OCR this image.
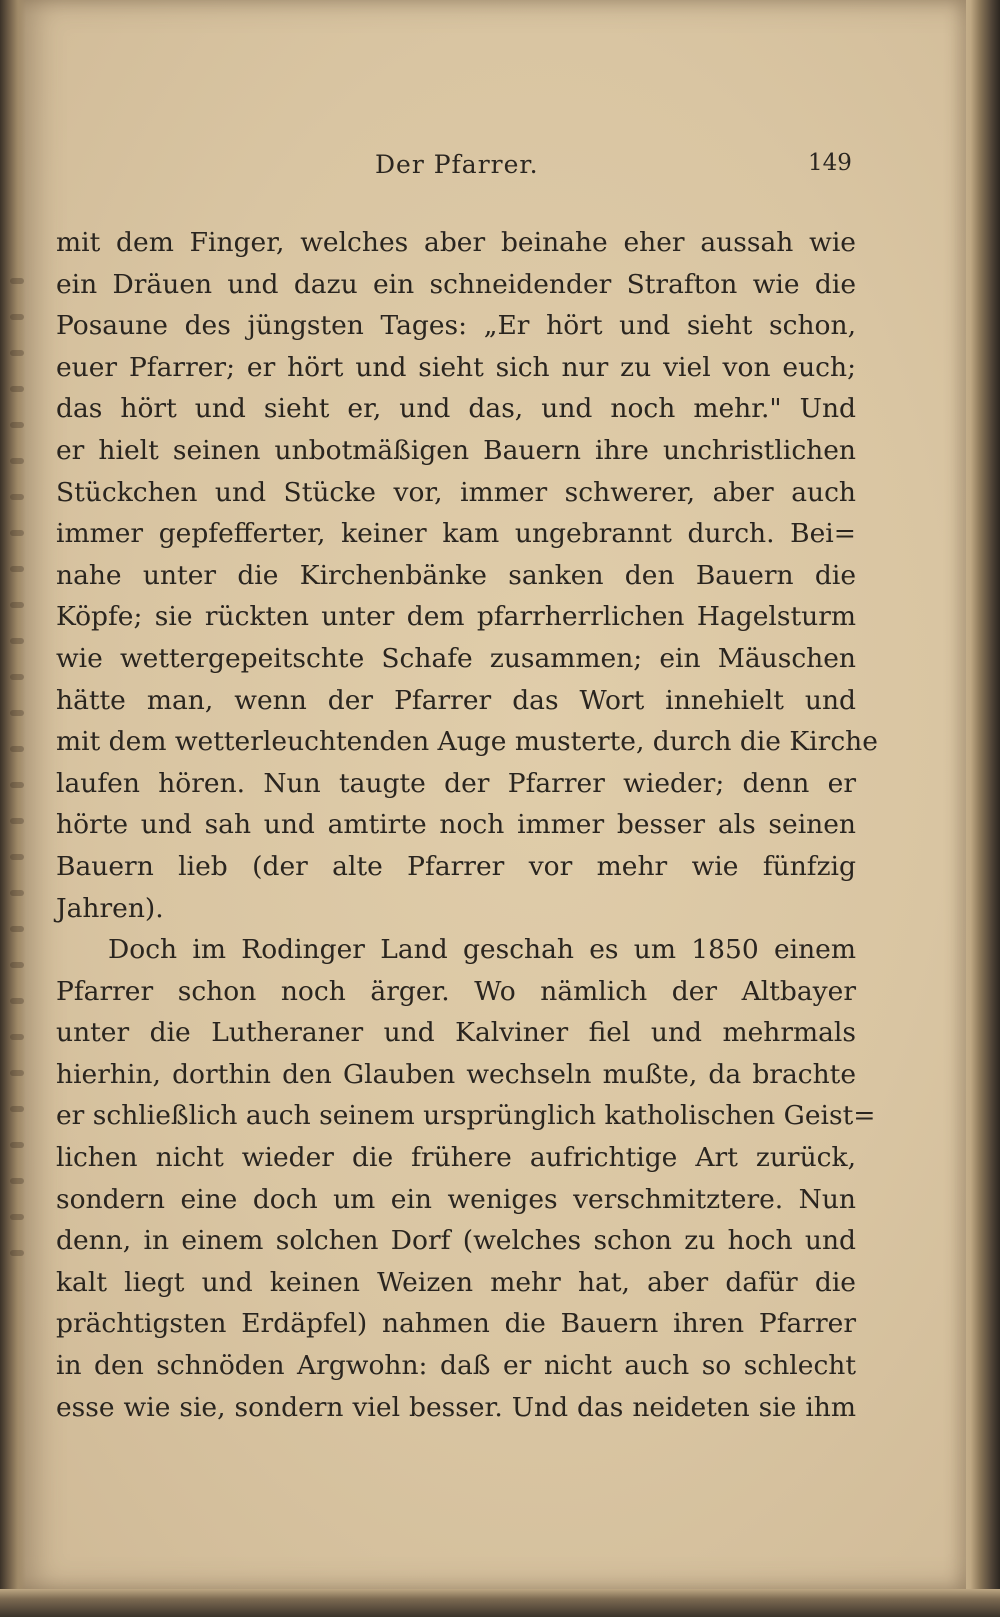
Der Pfarrer.	149
mit dem Finger, welches aber beinahe eher aussah wie
ein Dräuen und dazu ein schneidender Strafton wie die
Posaune des jüngsten Tages: „Er hört und sieht schon,
euer Pfarrer; er hört und sieht sich nur zu viel von euch;
das hört und sieht er, und das, und noch mehr." Und
er hielt seinen unbotmäßigen Bauern ihre unchristlichen
Stückchen und Stücke vor, immer schwerer, aber auch
immer gepfefferter, keiner kam ungebrannt durch. Bei=
nahe unter die Kirchenbänke sanken den Bauern die
Köpfe; sie rückten unter dem pfarrherrlichen Hagelsturm
wie wettergepeitschte Schafe zusammen; ein Mäuschen
hätte man, wenn der Pfarrer das Wort innehielt und
mit dem wetterleuchtenden Auge musterte, durch die Kirche
laufen hören. Nun taugte der Pfarrer wieder; denn er
hörte und sah und amtirte noch immer besser als seinen
Bauern lieb (der alte Pfarrer vor mehr wie fünfzig
Jahren).
Doch im Rodinger Land geschah es um 1850 einem
Pfarrer schon noch ärger. Wo nämlich der Altbayer
unter die Lutheraner und Kalviner fiel und mehrmals
hierhin, dorthin den Glauben wechseln mußte, da brachte
er schließlich auch seinem ursprünglich katholischen Geist=
lichen nicht wieder die frühere aufrichtige Art zurück,
sondern eine doch um ein weniges verschmitztere. Nun
denn, in einem solchen Dorf (welches schon zu hoch und
kalt liegt und keinen Weizen mehr hat, aber dafür die
prächtigsten Erdäpfel) nahmen die Bauern ihren Pfarrer
in den schnöden Argwohn: daß er nicht auch so schlecht
esse wie sie, sondern viel besser. Und das neideten sie ihm
